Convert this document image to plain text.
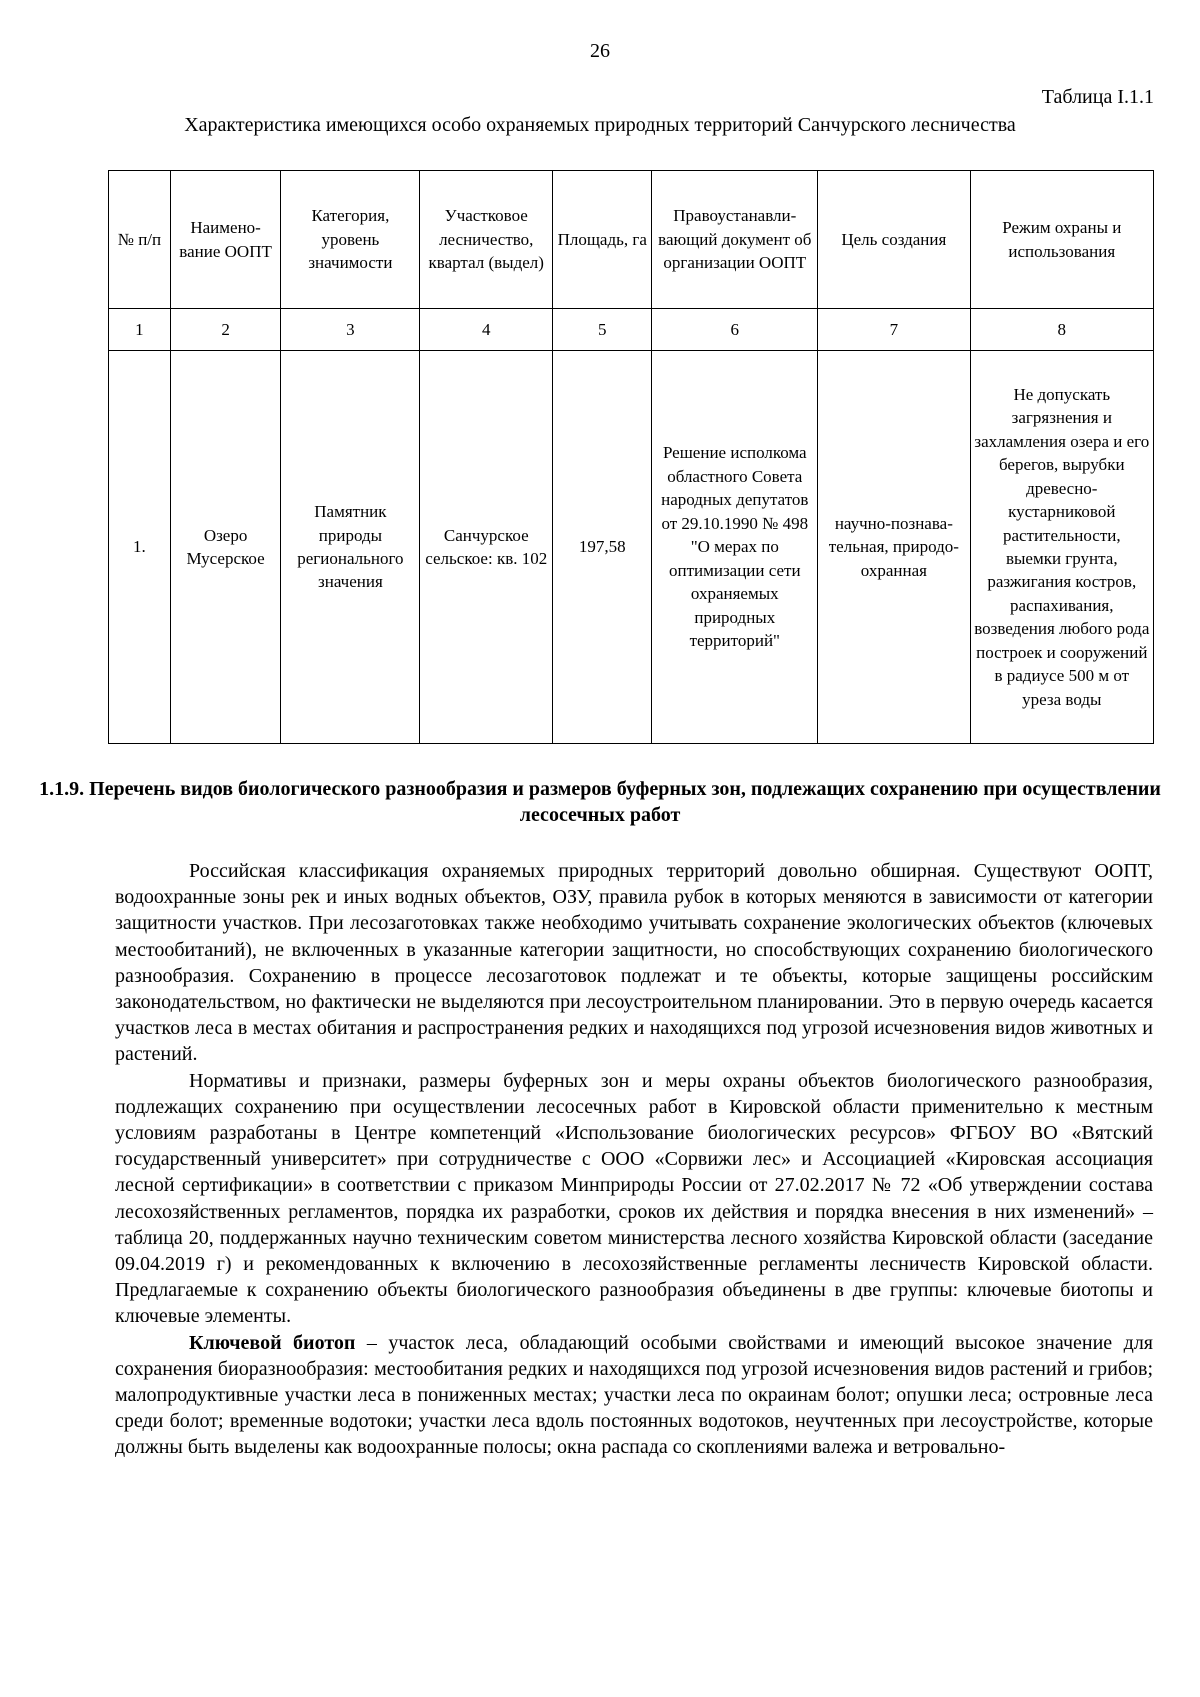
26
Таблица I.1.1
Характеристика имеющихся особо охраняемых природных территорий Санчурского лесничества
№ п/п	Наимено-вание ООПТ	Категория, уровень значимости	Участковое лесничество, квартал (выдел)	Площадь, га	Правоустанавли-вающий документ об организации ООПТ	Цель создания	Режим охраны и использования
1	2	3	4	5	6	7	8
1.	Озеро Мусерское	Памятник природы регионального значения	Санчурское сельское: кв. 102	197,58	Решение исполкома областного Совета народных депутатов от 29.10.1990 № 498 "О мерах по оптимизации сети охраняемых природных территорий"	научно-познава-тельная, природо-охранная	Не допускать загрязнения и захламления озера и его берегов, вырубки древесно-кустарниковой растительности, выемки грунта, разжигания костров, распахивания, возведения любого рода построек и сооружений в радиусе 500 м от уреза воды
1.1.9. Перечень видов биологического разнообразия и размеров буферных зон, подлежащих сохранению при осуществлении лесосечных работ

Российская классификация охраняемых природных территорий довольно обширная. Существуют ООПТ, водоохранные зоны рек и иных водных объектов, ОЗУ, правила рубок в которых меняются в зависимости от категории защитности участков. При лесозаготовках также необходимо учитывать сохранение экологических объектов (ключевых местообитаний), не включенных в указанные категории защитности, но способствующих сохранению биологического разнообразия. Сохранению в процессе лесозаготовок подлежат и те объекты, которые защищены российским законодательством, но фактически не выделяются при лесоустроительном планировании. Это в первую очередь касается участков леса в местах обитания и распространения редких и находящихся под угрозой исчезновения видов животных и растений.

Нормативы и признаки, размеры буферных зон и меры охраны объектов биологического разнообразия, подлежащих сохранению при осуществлении лесосечных работ в Кировской области применительно к местным условиям разработаны в Центре компетенций «Использование биологических ресурсов» ФГБОУ ВО «Вятский государственный университет» при сотрудничестве с ООО «Сорвижи лес» и Ассоциацией «Кировская ассоциация лесной сертификации» в соответствии с приказом Минприроды России от 27.02.2017 № 72 «Об утверждении состава лесохозяйственных регламентов, порядка их разработки, сроков их действия и порядка внесения в них изменений» – таблица 20, поддержанных научно техническим советом министерства лесного хозяйства Кировской области (заседание 09.04.2019 г) и рекомендованных к включению в лесохозяйственные регламенты лесничеств Кировской области. Предлагаемые к сохранению объекты биологического разнообразия объединены в две группы: ключевые биотопы и ключевые элементы.

Ключевой биотоп – участок леса, обладающий особыми свойствами и имеющий высокое значение для сохранения биоразнообразия: местообитания редких и находящихся под угрозой исчезновения видов растений и грибов; малопродуктивные участки леса в пониженных местах; участки леса по окраинам болот; опушки леса; островные леса среди болот; временные водотоки; участки леса вдоль постоянных водотоков, неучтенных при лесоустройстве, которые должны быть выделены как водоохранные полосы; окна распада со скоплениями валежа и ветровально-
